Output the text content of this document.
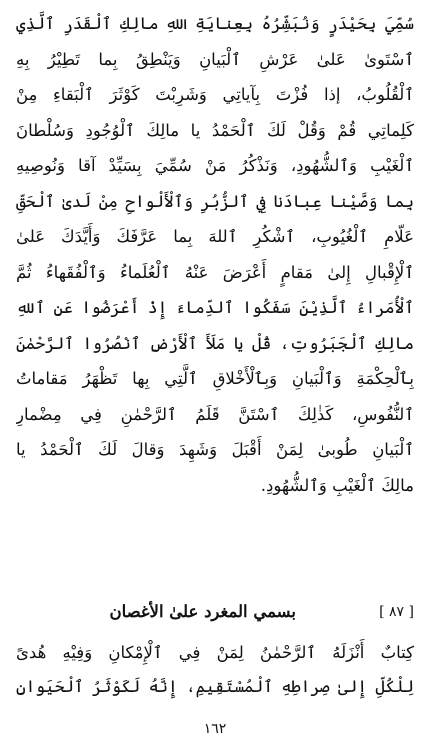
سُمِّيَ بِحَيْدَرٍ وَنُبَشِّرُهُ بِعِنايَةِ اللهِ مالِكِ ٱلْقَدَرِ ٱلَّذِي
ٱسْتَوىٰ عَلىٰ عَرْشِ ٱلْبَيانِ وَيَنْطِقُ بِما تَطِيْرُ بِهِ
ٱلْقُلُوبُ، إذا فُزْتَ بِآياتِي وَشَرِبْتَ كَوْثَرَ ٱلْبَقاءِ مِنْ
كَلِماتِي قُمْ وَقُلْ لَكَ ٱلْحَمْدُ يا مالِكَ ٱلْوُجُودِ وَسُلْطانَ
ٱلْغَيْبِ وَٱلشُّهُودِ، وَنَذْكُرُ مَنْ سُمِّيَ بِسَيِّدْ آقا وَنُوصِيهِ
بِما وَصَّيْنا عِبادَنا فِي ٱلزُّبُرِ وَٱلْأَلْواحِ مِنْ لَدىٰ ٱلْحَقِّ
عَلّامِ ٱلْغُيُوبِ، ٱشْكُرِ ٱللهَ بِما عَرَّفَكَ وَأَيَّدَكَ عَلىٰ
ٱلْإِقْبالِ إِلىٰ مَقامٍ أَعْرَضَ عَنْهُ ٱلْعُلَماءُ وَٱلْفُقَهاءُ ثُمَّ
ٱلْأُمَراءُ ٱلَّذِيْنَ سَفَكُوا ٱلدِّماءَ إِذْ أَعْرَضُوا عَنِ ٱللهِ
مالِكِ ٱلْجَبَرُوتِ، قُلْ يا مَلَأَ ٱلْأَرْضِ ٱنْصُرُوا ٱلرَّحْمٰنَ
بِٱلْحِكْمَةِ وَٱلْبَيانِ وَبِٱلْأَخْلاقِ ٱلَّتِي بِها تَظْهَرُ مَقاماتُ
ٱلنُّفُوسِ، كَذٰلِكَ ٱسْتَنَّ قَلَمُ ٱلرَّحْمٰنِ فِي مِضْمارِ
ٱلْبَيانِ طُوبىٰ لِمَنْ أَقْبَلَ وَشَهِدَ وَقالَ لَكَ ٱلْحَمْدُ يا
مالِكَ ٱلْغَيْبِ وَٱلشُّهُودِ.
[ ٨٧ ]
بسمي المغرد علىٰ الأغصان
كِتابٌ أَنْزَلَهُ ٱلرَّحْمٰنُ لِمَنْ فِي ٱلْإِمْكانِ وَفِيْهِ هُدىً
لِلْكُلِّ إِلىٰ صِراطِهِ ٱلْمُسْتَقِيمِ، إِنَّهُ لَكَوْثَرُ ٱلْحَيَوانِ
١٦٢
